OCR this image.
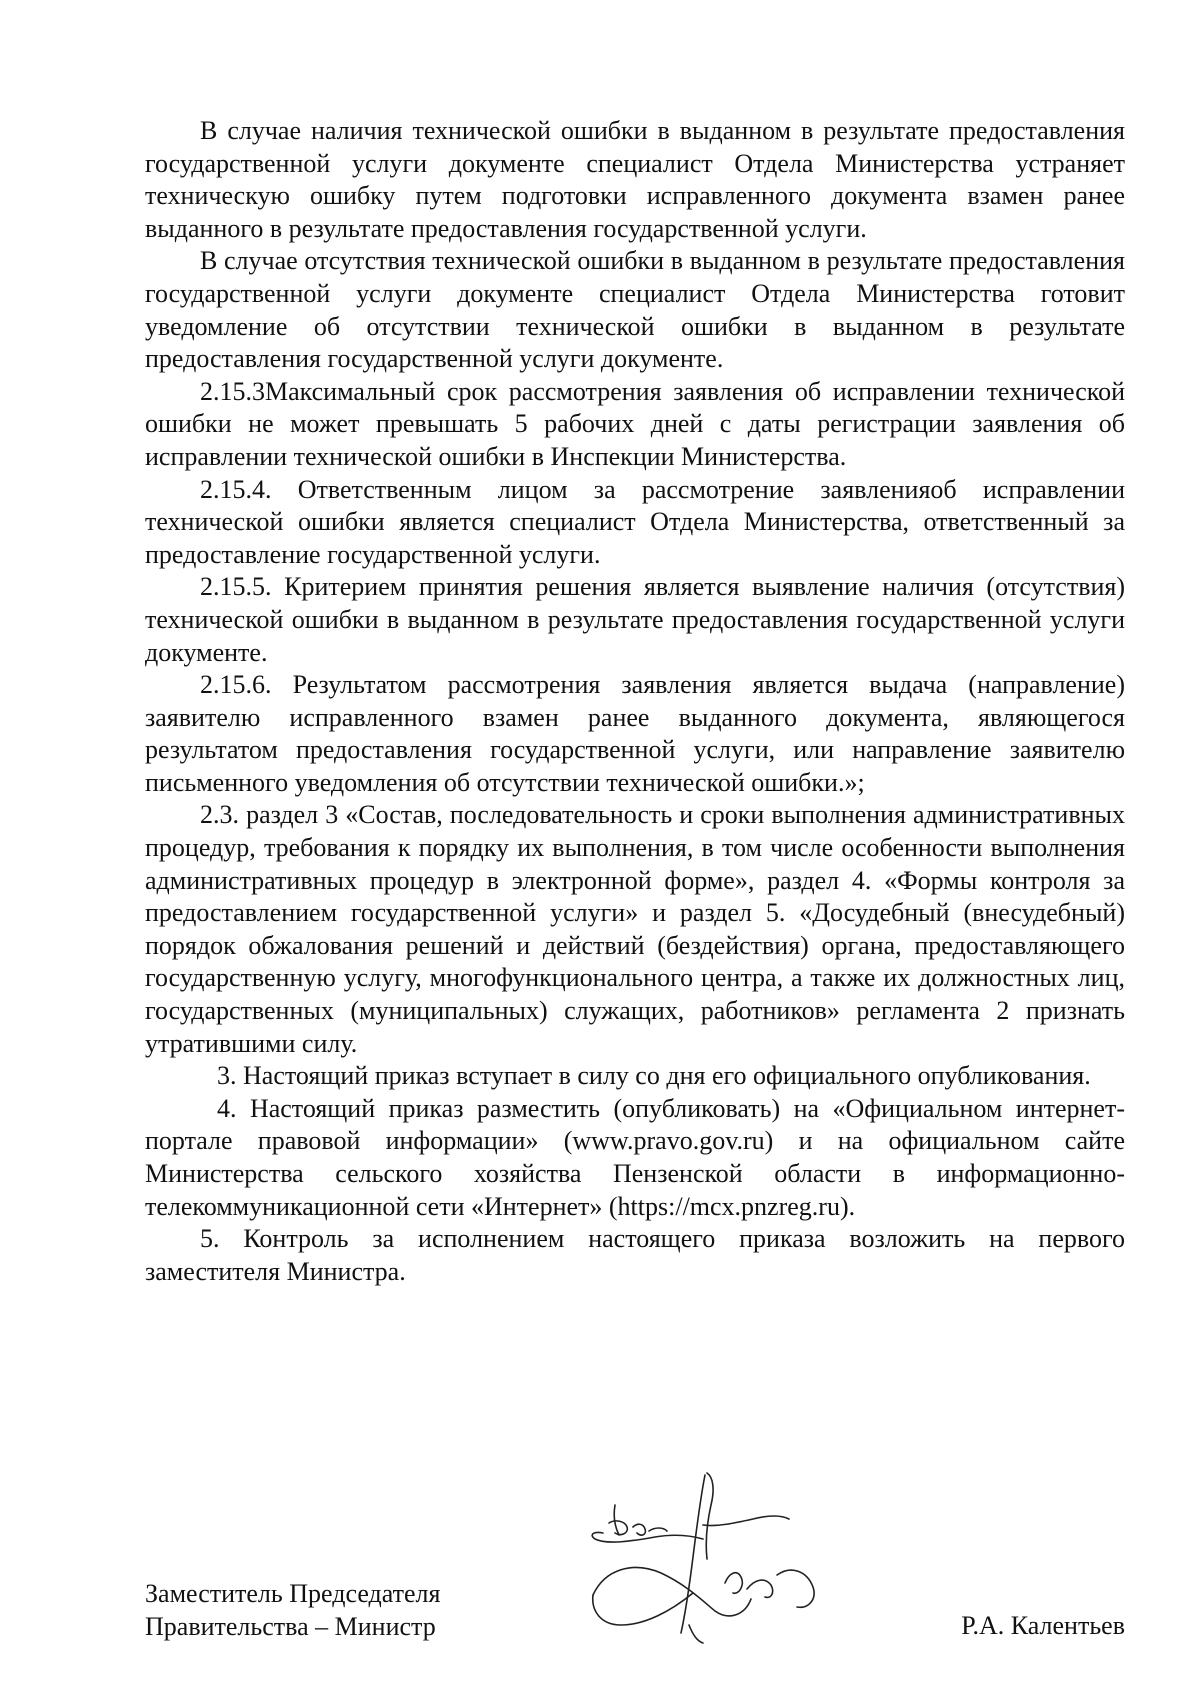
В случае наличия технической ошибки в выданном в результате предоставления государственной услуги документе специалист Отдела Министерства устраняет техническую ошибку путем подготовки исправленного документа взамен ранее выданного в результате предоставления государственной услуги.

В случае отсутствия технической ошибки в выданном в результате предоставления государственной услуги документе специалист Отдела Министерства готовит уведомление об отсутствии технической ошибки в выданном в результате предоставления государственной услуги документе.

2.15.3Максимальный срок рассмотрения заявления об исправлении технической ошибки не может превышать 5 рабочих дней с даты регистрации заявления об исправлении технической ошибки в Инспекции Министерства.

2.15.4. Ответственным лицом за рассмотрение заявленияоб исправлении технической ошибки является специалист Отдела Министерства, ответственный за предоставление государственной услуги.

2.15.5. Критерием принятия решения является выявление наличия (отсутствия) технической ошибки в выданном в результате предоставления государственной услуги документе.

2.15.6. Результатом рассмотрения заявления является выдача (направление) заявителю исправленного взамен ранее выданного документа, являющегося результатом предоставления государственной услуги, или направление заявителю письменного уведомления об отсутствии технической ошибки.»;

2.3. раздел 3 «Состав, последовательность и сроки выполнения административных процедур, требования к порядку их выполнения, в том числе особенности выполнения административных процедур в электронной форме», раздел 4. «Формы контроля за предоставлением государственной услуги» и раздел 5. «Досудебный (внесудебный) порядок обжалования решений и действий (бездействия) органа, предоставляющего государственную услугу, многофункционального центра, а также их должностных лиц, государственных (муниципальных) служащих, работников» регламента 2 признать утратившими силу.

3. Настоящий приказ вступает в силу со дня его официального опубликования.

4. Настоящий приказ разместить (опубликовать) на «Официальном интернет-портале правовой информации» (www.pravo.gov.ru) и на официальном сайте Министерства сельского хозяйства Пензенской области в информационно-телекоммуникационной сети «Интернет» (https://mcx.pnzreg.ru).

5. Контроль за исполнением настоящего приказа возложить на первого заместителя Министра.

Заместитель Председателя
Правительства – Министр	Р.А. Калентьев
